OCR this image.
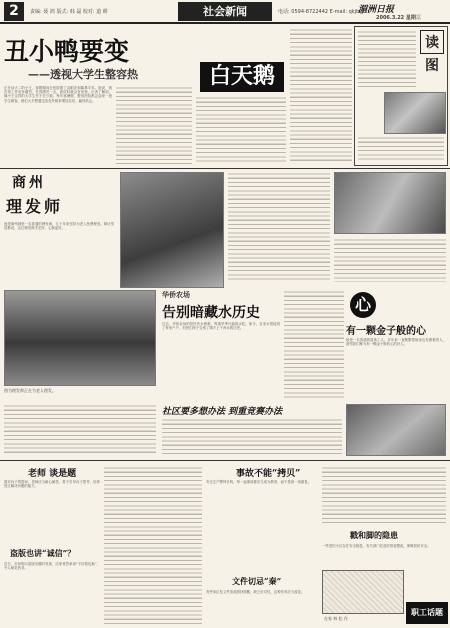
2	责编: 聂 鸿 版式: 韩 磊 校对: 道 耕	社会新闻	电话: 0594-8722442 E-mail: qkjb@...
湄洲日报
2006.3.22 星期三
丑小鸭要变
——透视大学生整容热	白天鹅
正在读大二的小王，寒假期间在医院做了双眼皮和隆鼻手术。她说，现在找工作竞争激烈，长得漂亮一点，面试时就会有优势。记者了解到，像小王这样的大学生并不在少数。每年寒暑假，整形医院都会迎来一批学生顾客，她们大多想通过改变外貌来增加自信、赢得机会。
读
图
商州
理发师
他是商州城里一名普通的理发师，几十年来坚持为老人免费理发。街坊邻居都说，这位理发师手艺好，心肠更好。
图为理发师正在为老人理发。
华侨农场
告别暗藏水历史
过去，华侨农场的居民饮水困难，每逢旱季只能挑水吃。如今，自来水管接到了家家户户，村民们终于告别了喝不上干净水的历史。
心
有一颗金子般的心
她是一名普通的退休工人，多年来一直默默帮助身边有困难的人，被邻居们称为有一颗金子般的心的好人。
社区要多想办法 到重竞赛办法
老师 谈是题
面对孩子的提问，老师应当耐心解答，善于引导孩子思考，培养独立解决问题的能力。
盗版也讲“诚信”？
近日，市民购买盗版光碟时发现，店家竟然承诺“不好看包换”，令人啼笑皆非。
事故不能“拷贝”
安全生产警钟长鸣，每一起事故都应当成为教训，而不是被一再重复。
文件切忌“秦”
有些单位发文件喜欢照抄照搬，缺乏针对性，这种作风应当改变。
戳和脚的隐患
一些老旧小区存在安全隐患，有关部门应及时排查整改，保障居民安全。
在家 林 松 作
职工话题
